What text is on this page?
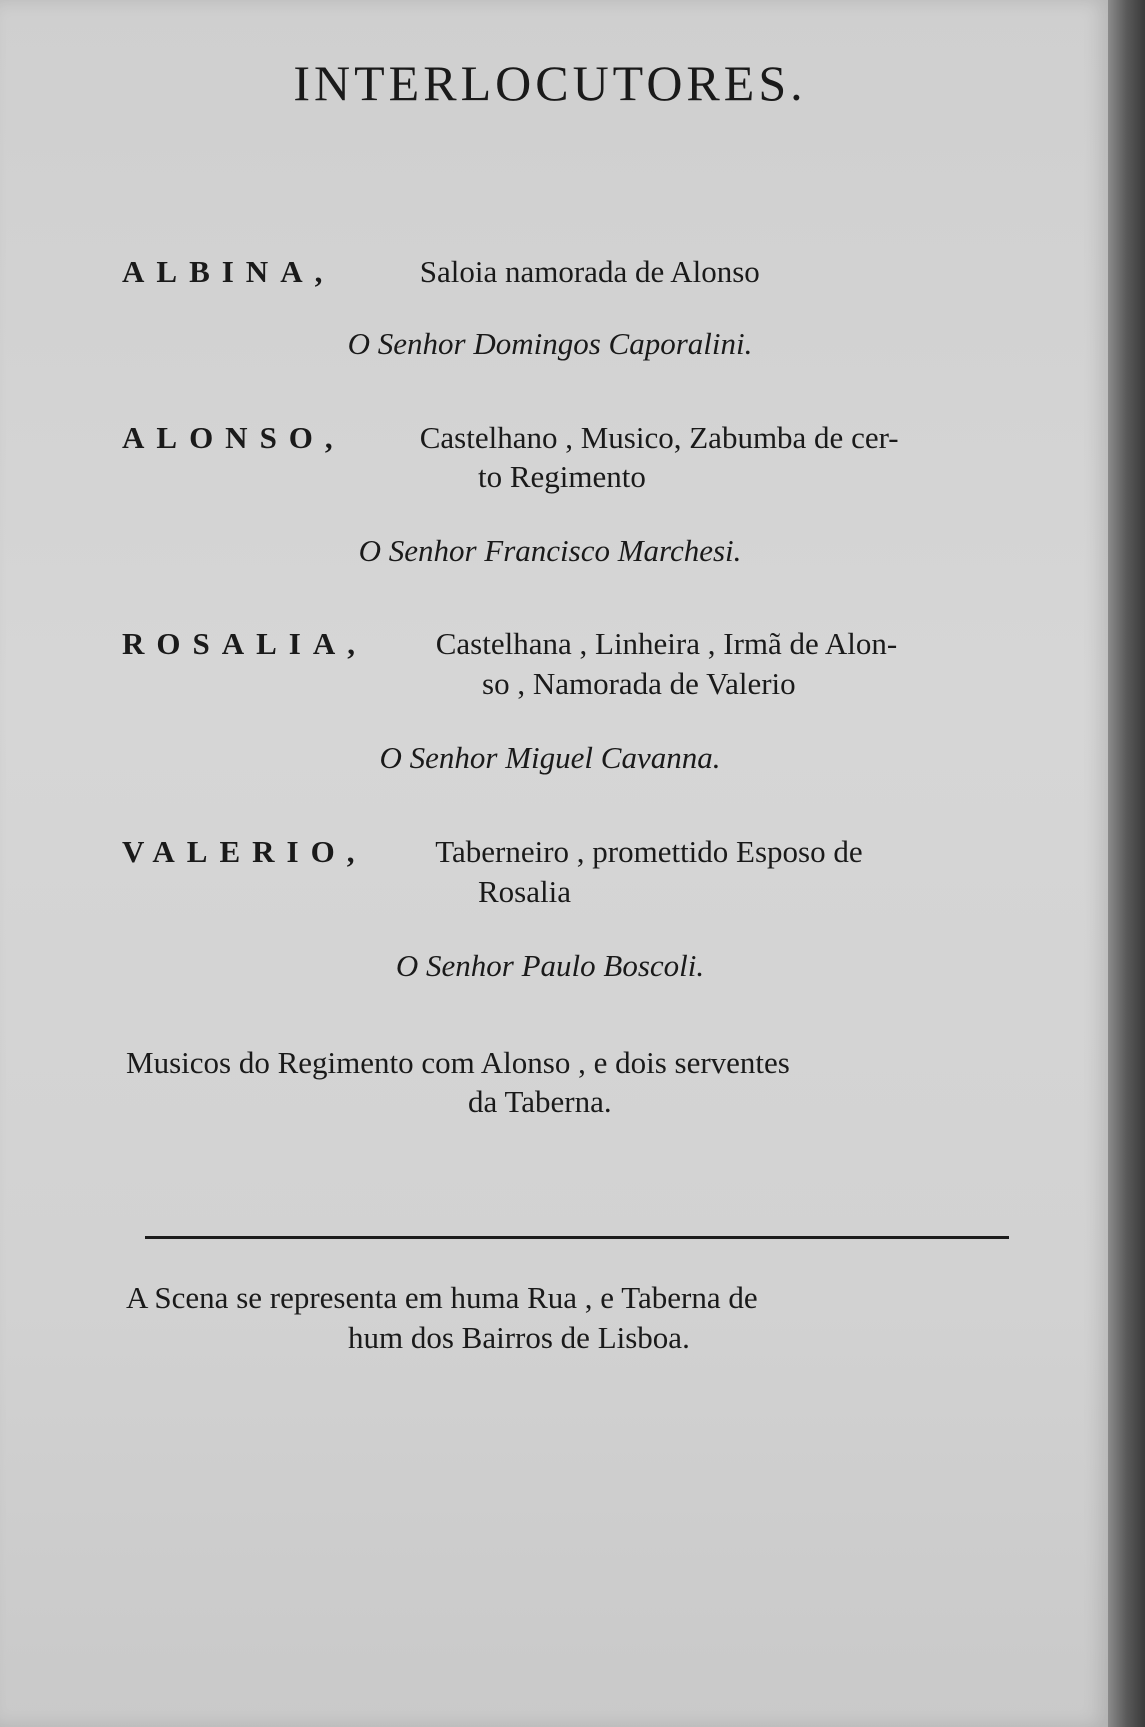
INTERLOCUTORES.
ALBINA,	Saloia namorada de Alonso
O Senhor Domingos Caporalini.
ALONSO, Castelhano , Musico, Zabumba de cer-
to Regimento
O Senhor Francisco Marchesi.
ROSALIA, Castelhana , Linheira , Irmã de Alon-
so , Namorada de Valerio
O Senhor Miguel Cavanna.
VALERIO, Taberneiro , promettido Esposo de
Rosalia
O Senhor Paulo Boscoli.
Musicos do Regimento com Alonso , e dois serventes
da Taberna.
A Scena se representa em huma Rua , e Taberna de
hum dos Bairros de Lisboa.
